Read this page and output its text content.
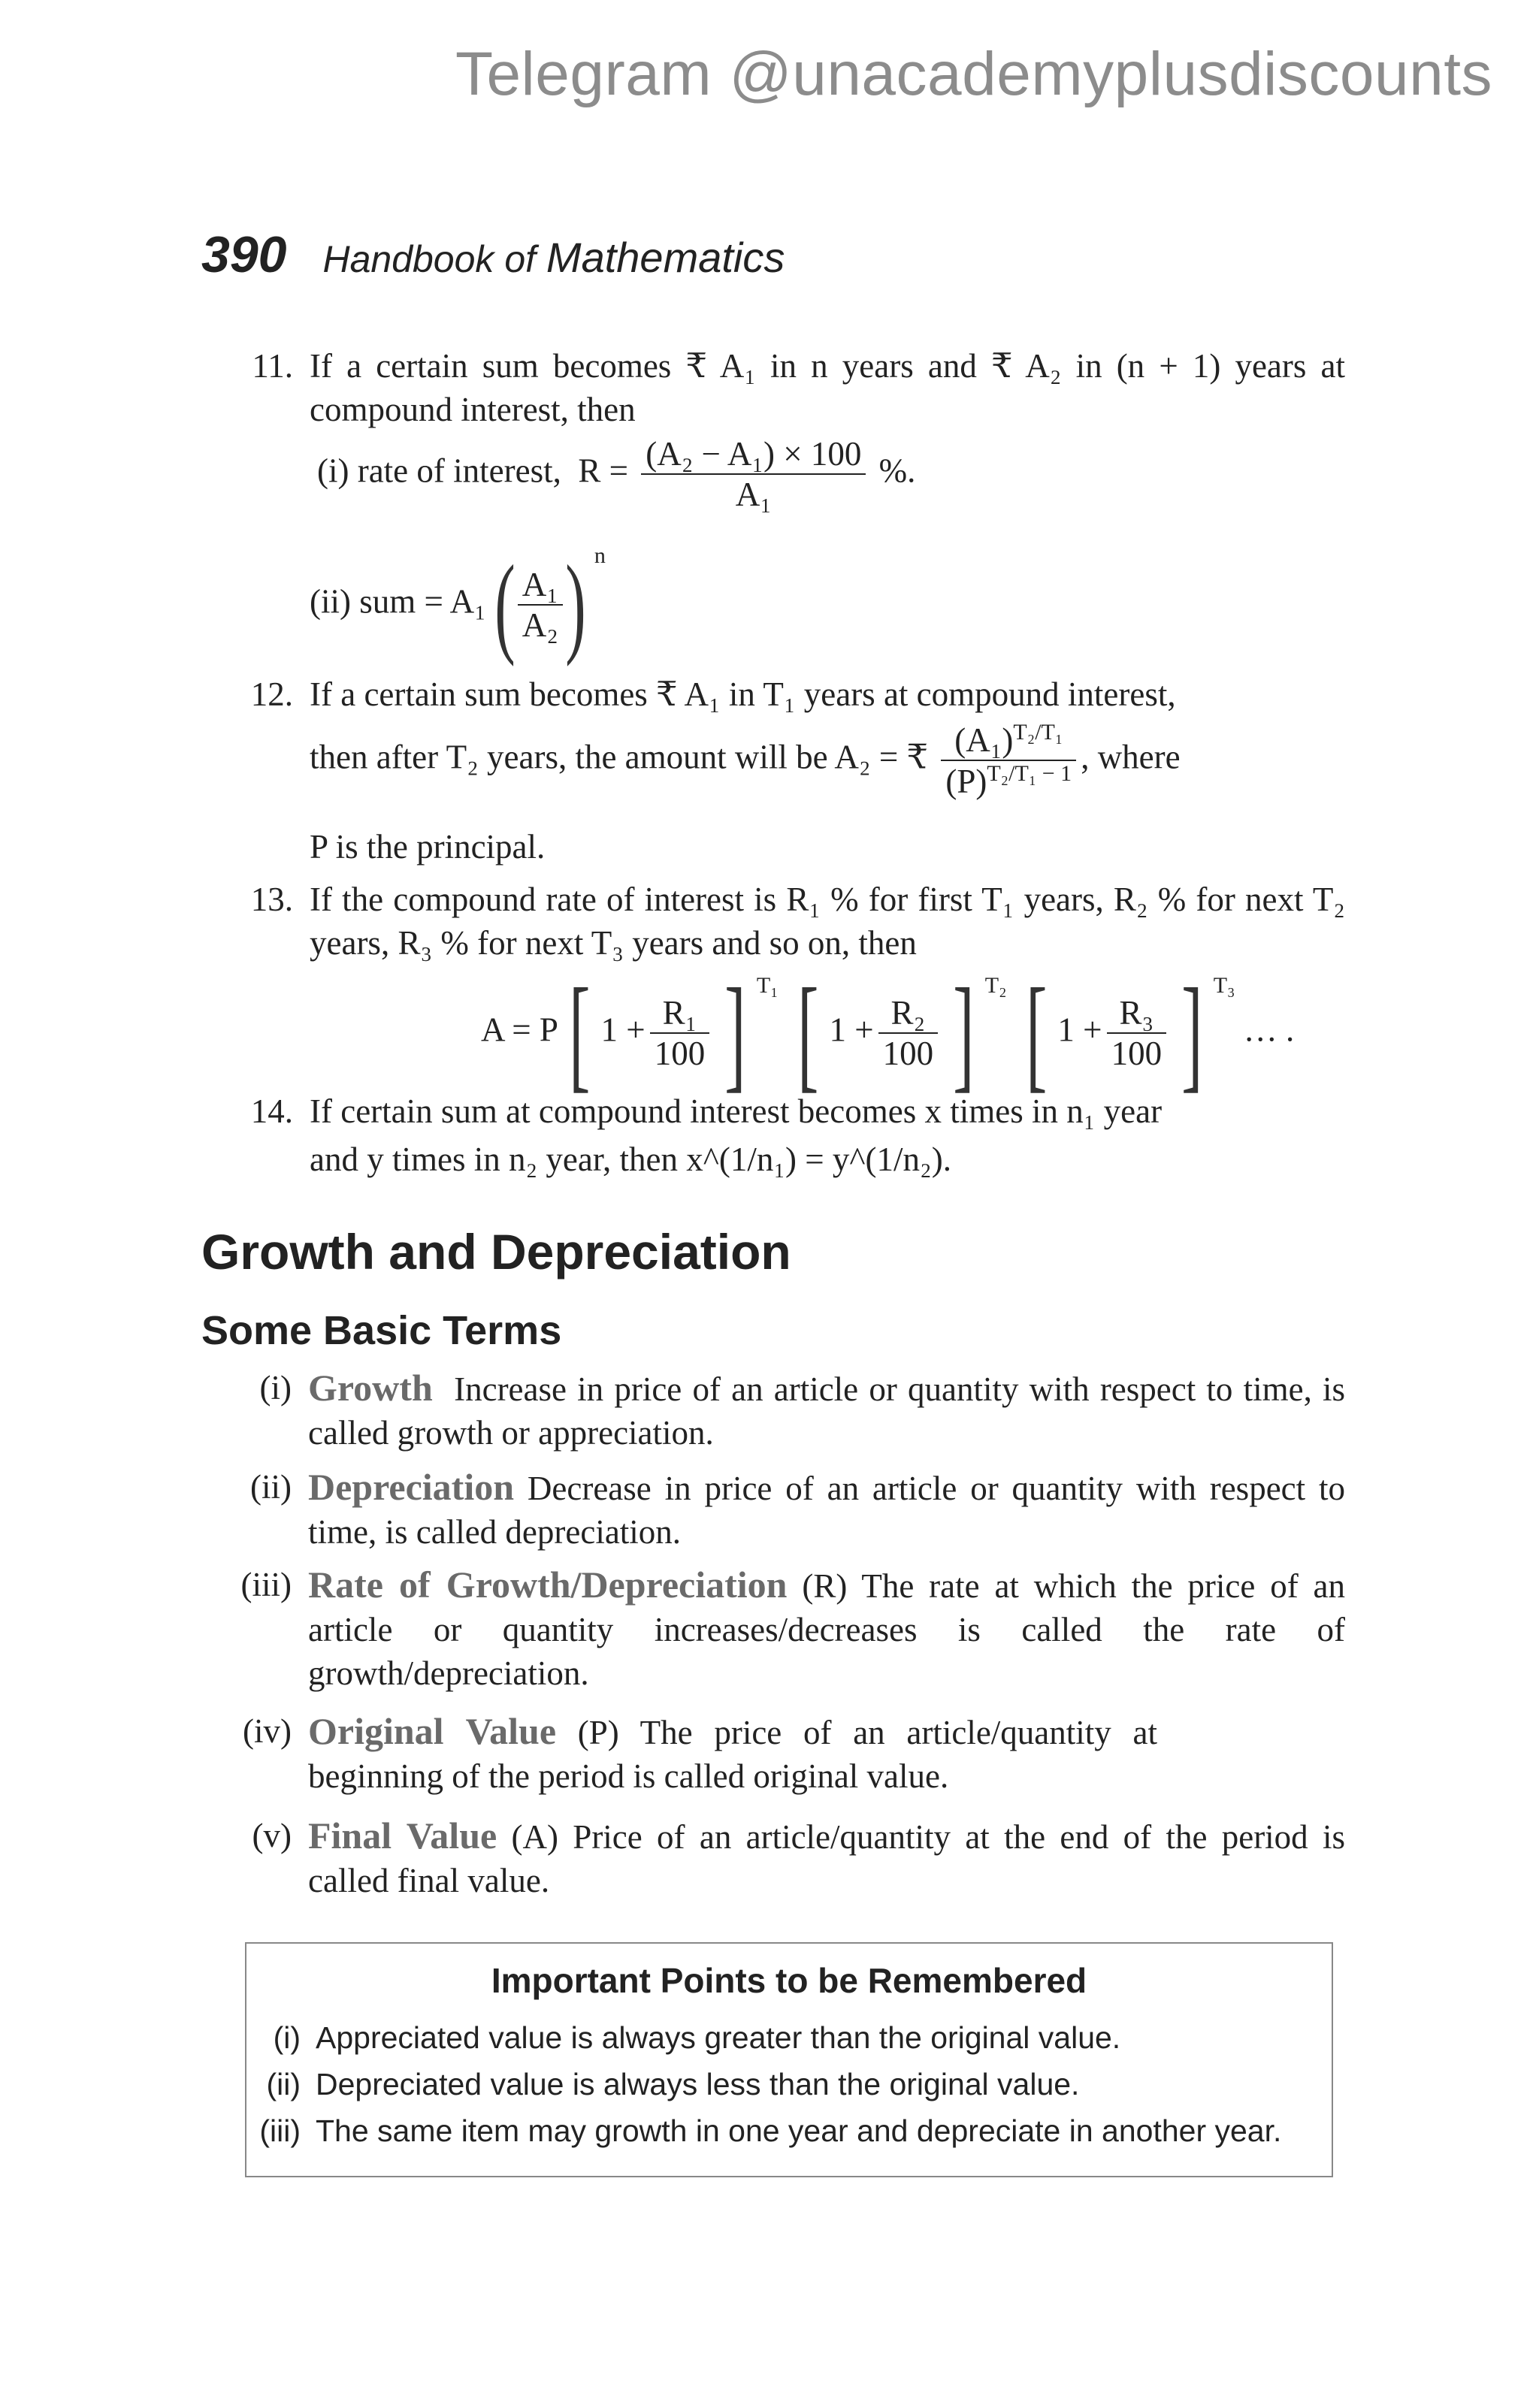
Telegram @unacademyplusdiscounts
390 Handbook of Mathematics
11. If a certain sum becomes ₹ A₁ in n years and ₹ A₂ in (n + 1) years at compound interest, then
(i) rate of interest, $R = \frac{\text{(A₂ − A₁) × 100}}{\text{A₁}}$ %.
(ii) sum = $A_1( \frac{\text{A₁}}{\text{A₂}}$ ) $^n$
12. If a certain sum becomes ₹ A₁ in T₁ years at compound interest,
then after T₂ years, the amount will be A₂ = ₹ $\frac{(A_1)^{T_2/T_1}}{(P)^{T_2/T_1 - 1}}$ , where
P is the principal.
13. If the compound rate of interest is R₁ % for first T₁ years, R₂ % for next T₂ years, R₃ % for next T₃ years and so on, then
A = P[ $1 + \frac{\text{R₁}}{100}$ ] $^{T_1}$ [ $1 + \frac{\text{R₂}}{100}$ ] $^{T_2}$ [ $1 + \frac{\text{R₃}}{100}$ ] $^{T_3}$ … .
14. If certain sum at compound interest becomes x times in n₁ year
and y times in n₂ year, then x^(1/n₁) = y^(1/n₂).
Growth and Depreciation
Some Basic Terms
(i) Growth Increase in price of an article or quantity with respect to time, is called growth or appreciation.
(ii) Depreciation Decrease in price of an article or quantity with respect to time, is called depreciation.
(iii) Rate of Growth/Depreciation (R) The rate at which the price of an article or quantity increases/decreases is called the rate of growth/depreciation.
(iv) Original Value (P) The price of an article/quantity at beginning of the period is called original value.
(v) Final Value (A) Price of an article/quantity at the end of the period is called final value.
Important Points to be Remembered
(i) Appreciated value is always greater than the original value.
(ii) Depreciated value is always less than the original value.
(iii) The same item may growth in one year and depreciate in another year.
